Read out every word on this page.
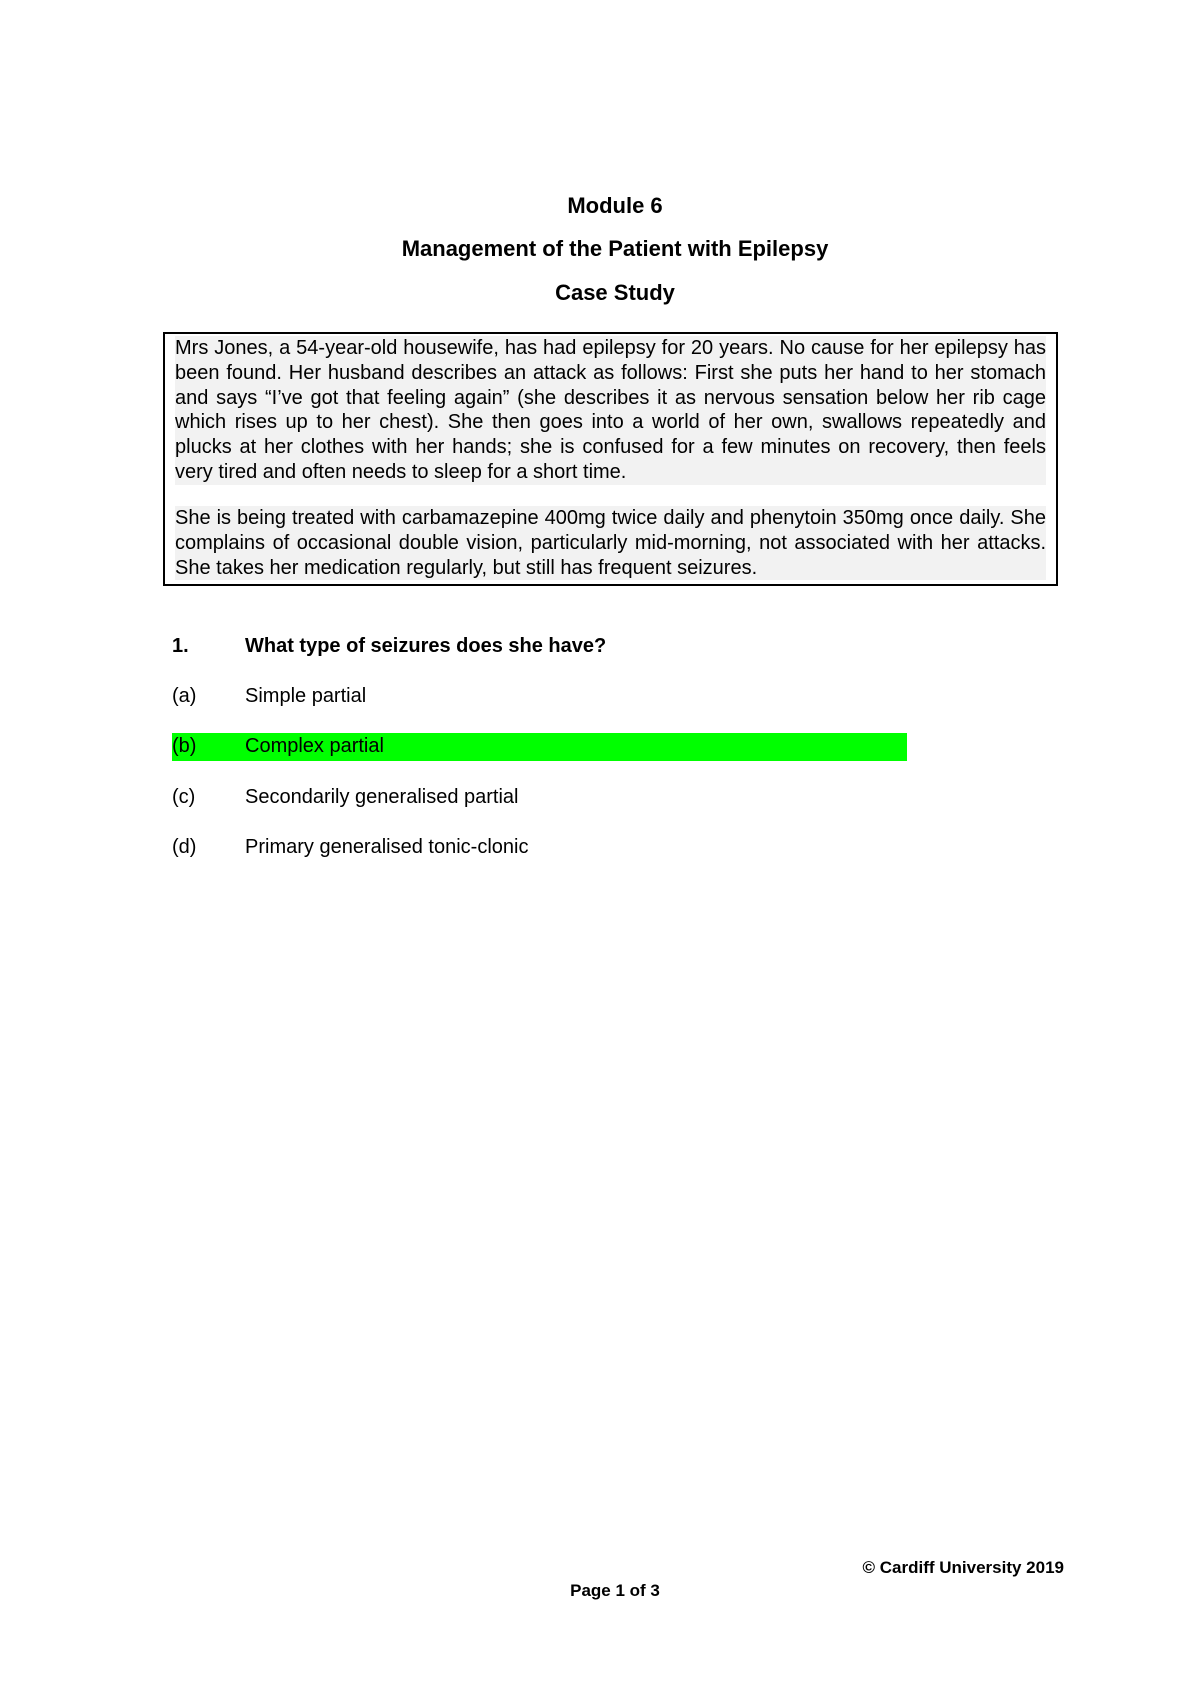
Module 6
Management of the Patient with Epilepsy
Case Study

Mrs Jones, a 54-year-old housewife, has had epilepsy for 20 years. No cause for her epilepsy has been found. Her husband describes an attack as follows: First she puts her hand to her stomach and says “I’ve got that feeling again” (she describes it as nervous sensation below her rib cage which rises up to her chest). She then goes into a world of her own, swallows repeatedly and plucks at her clothes with her hands; she is confused for a few minutes on recovery, then feels very tired and often needs to sleep for a short time.

She is being treated with carbamazepine 400mg twice daily and phenytoin 350mg once daily. She complains of occasional double vision, particularly mid-morning, not associated with her attacks. She takes her medication regularly, but still has frequent seizures.

1.	What type of seizures does she have?
(a) Simple partial
(b) Complex partial
(c) Secondarily generalised partial
(d) Primary generalised tonic-clonic
© Cardiff University 2019
Page 1 of 3
